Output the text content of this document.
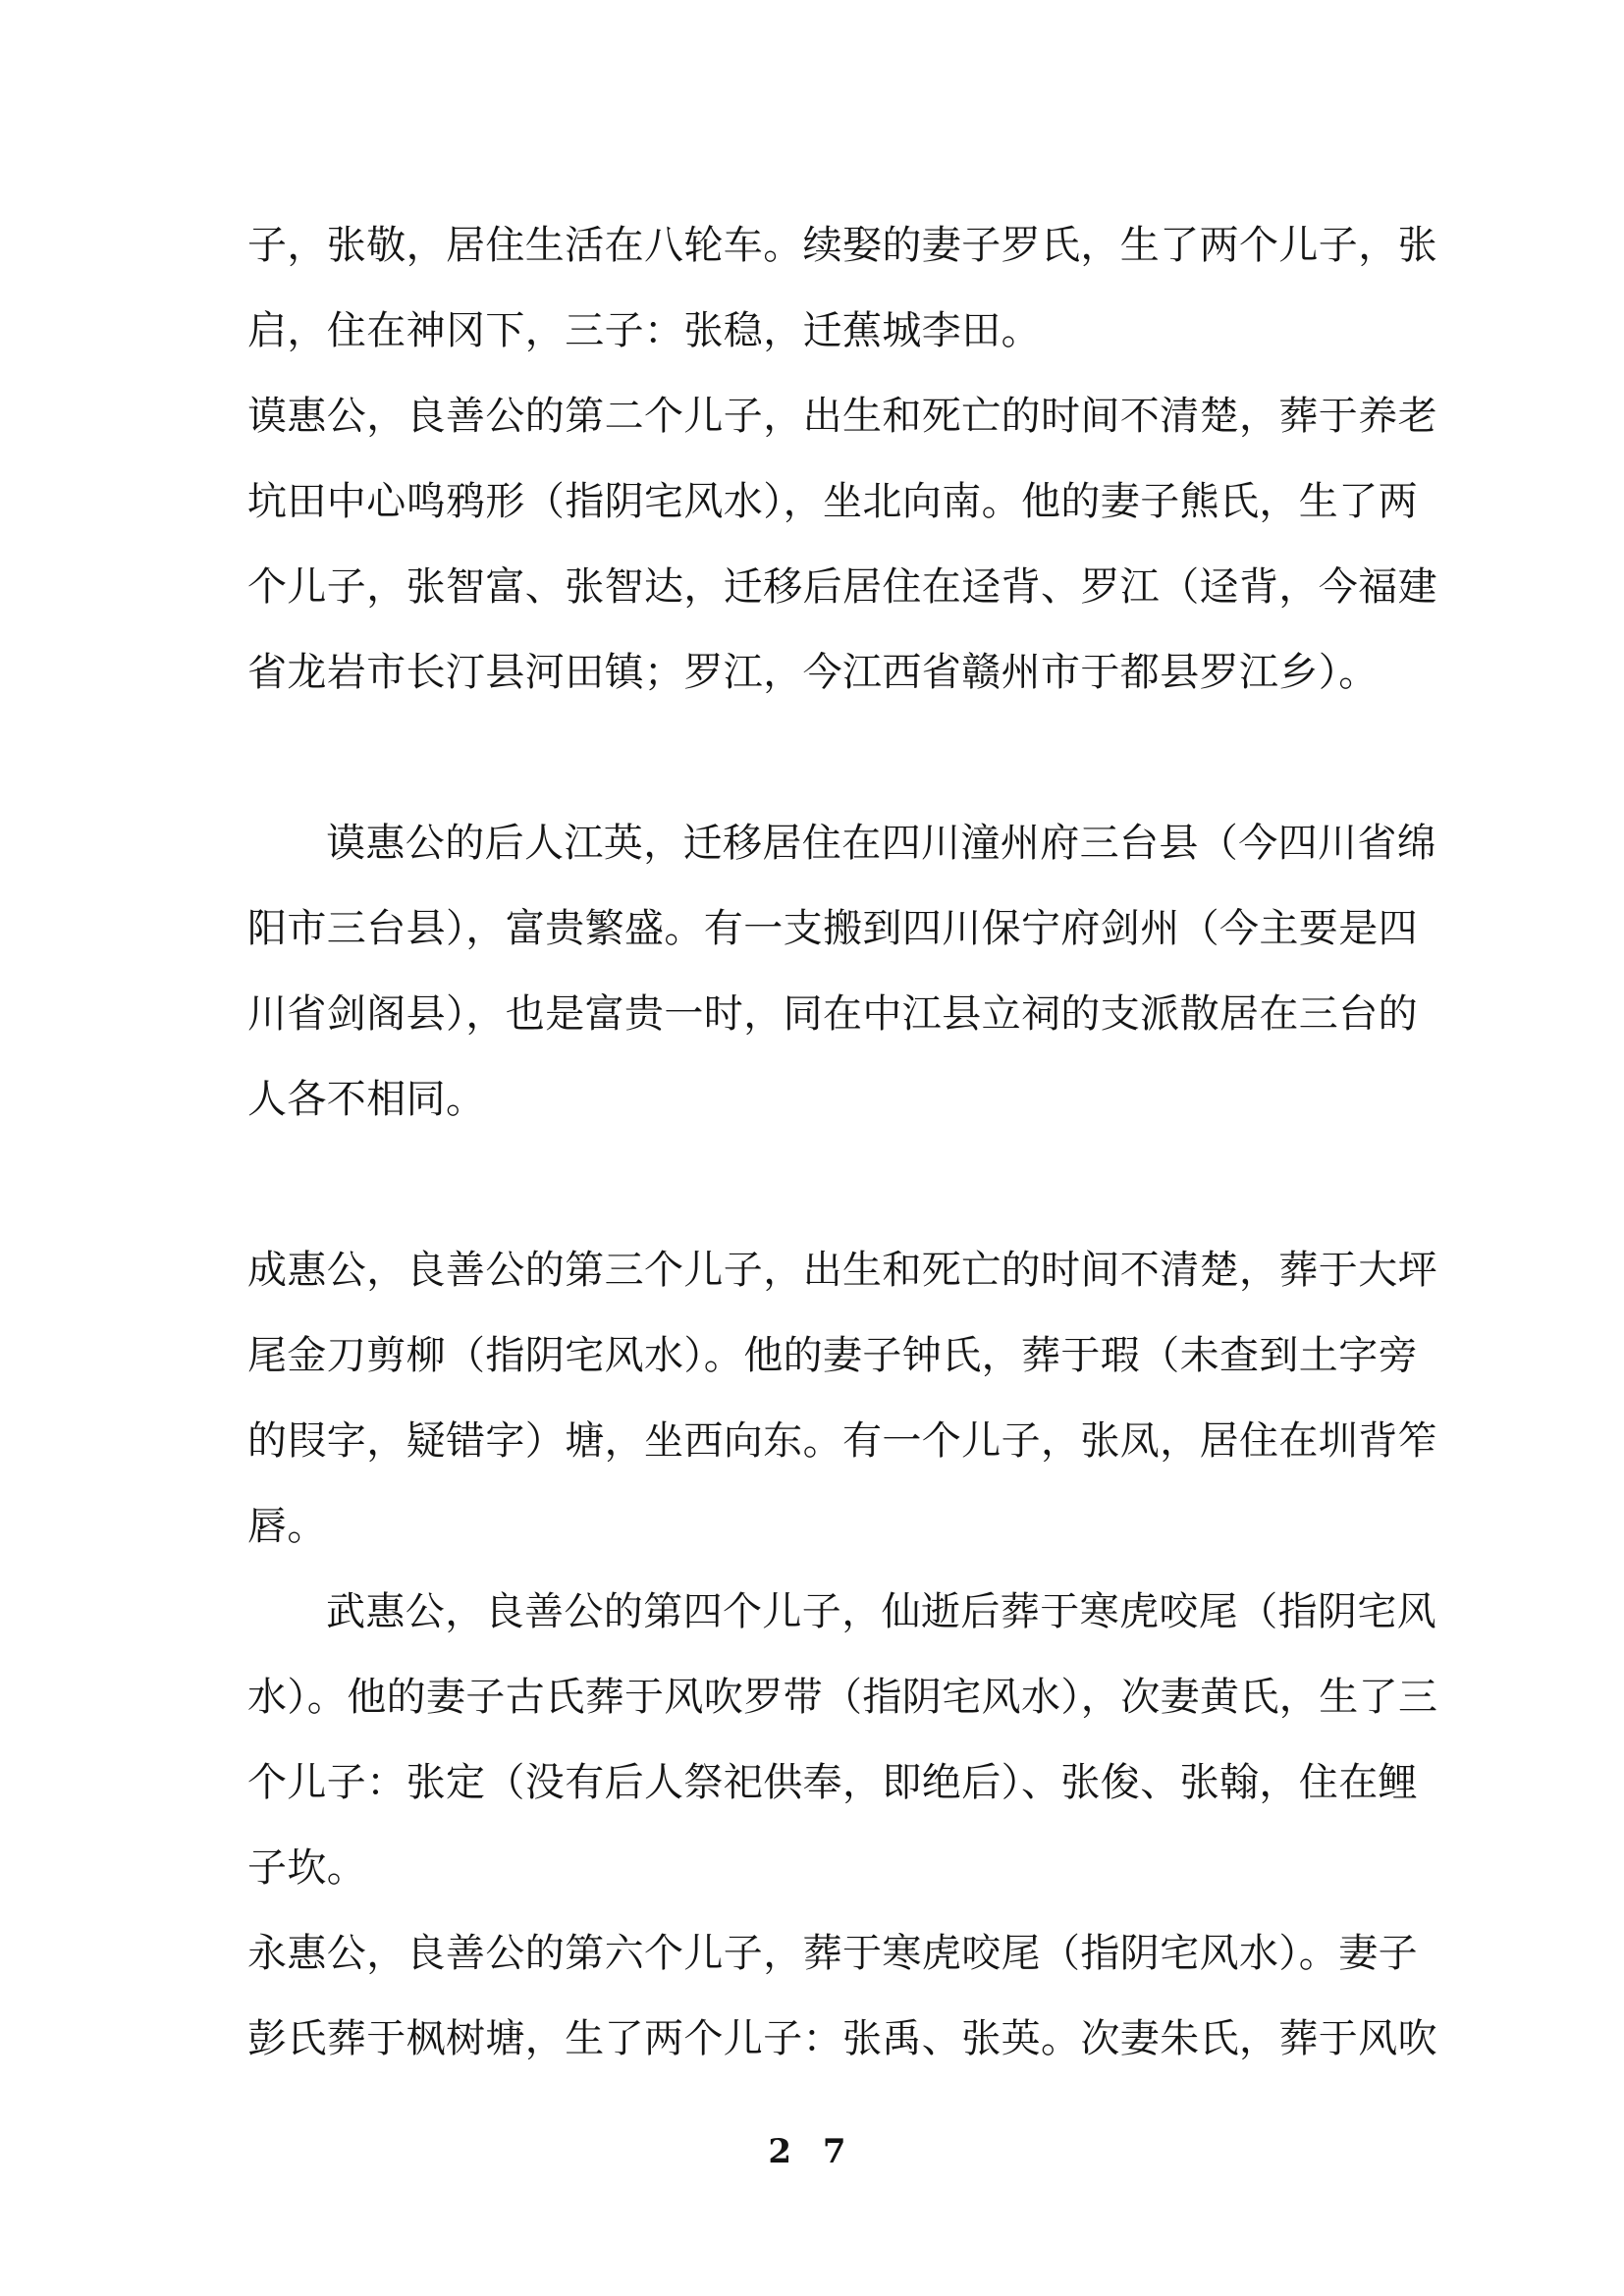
子，张敬，居住生活在八轮车。续娶的妻子罗氏，生了两个儿子，张
启，住在神冈下，三子：张稳，迁蕉城李田。
谟惠公，良善公的第二个儿子，出生和死亡的时间不清楚，葬于养老
坑田中心鸣鸦形（指阴宅风水），坐北向南。他的妻子熊氏，生了两
个儿子，张智富、张智达，迁移后居住在迳背、罗江（迳背，今福建
省龙岩市长汀县河田镇；罗江，今江西省赣州市于都县罗江乡）。
谟惠公的后人江英，迁移居住在四川潼州府三台县（今四川省绵
阳市三台县），富贵繁盛。有一支搬到四川保宁府剑州（今主要是四
川省剑阁县），也是富贵一时，同在中江县立祠的支派散居在三台的
人各不相同。
成惠公，良善公的第三个儿子，出生和死亡的时间不清楚，葬于大坪
尾金刀剪柳（指阴宅风水）。他的妻子钟氏，葬于瑕（未查到土字旁
的叚字，疑错字）塘，坐西向东。有一个儿子，张凤，居住在圳背笮
唇。
武惠公，良善公的第四个儿子，仙逝后葬于寒虎咬尾（指阴宅风
水）。他的妻子古氏葬于风吹罗带（指阴宅风水），次妻黄氏，生了三
个儿子：张定（没有后人祭祀供奉，即绝后）、张俊、张翰，住在鲤
子坎。
永惠公，良善公的第六个儿子，葬于寒虎咬尾（指阴宅风水）。妻子
彭氏葬于枫树塘，生了两个儿子：张禹、张英。次妻朱氏，葬于风吹
2 7
